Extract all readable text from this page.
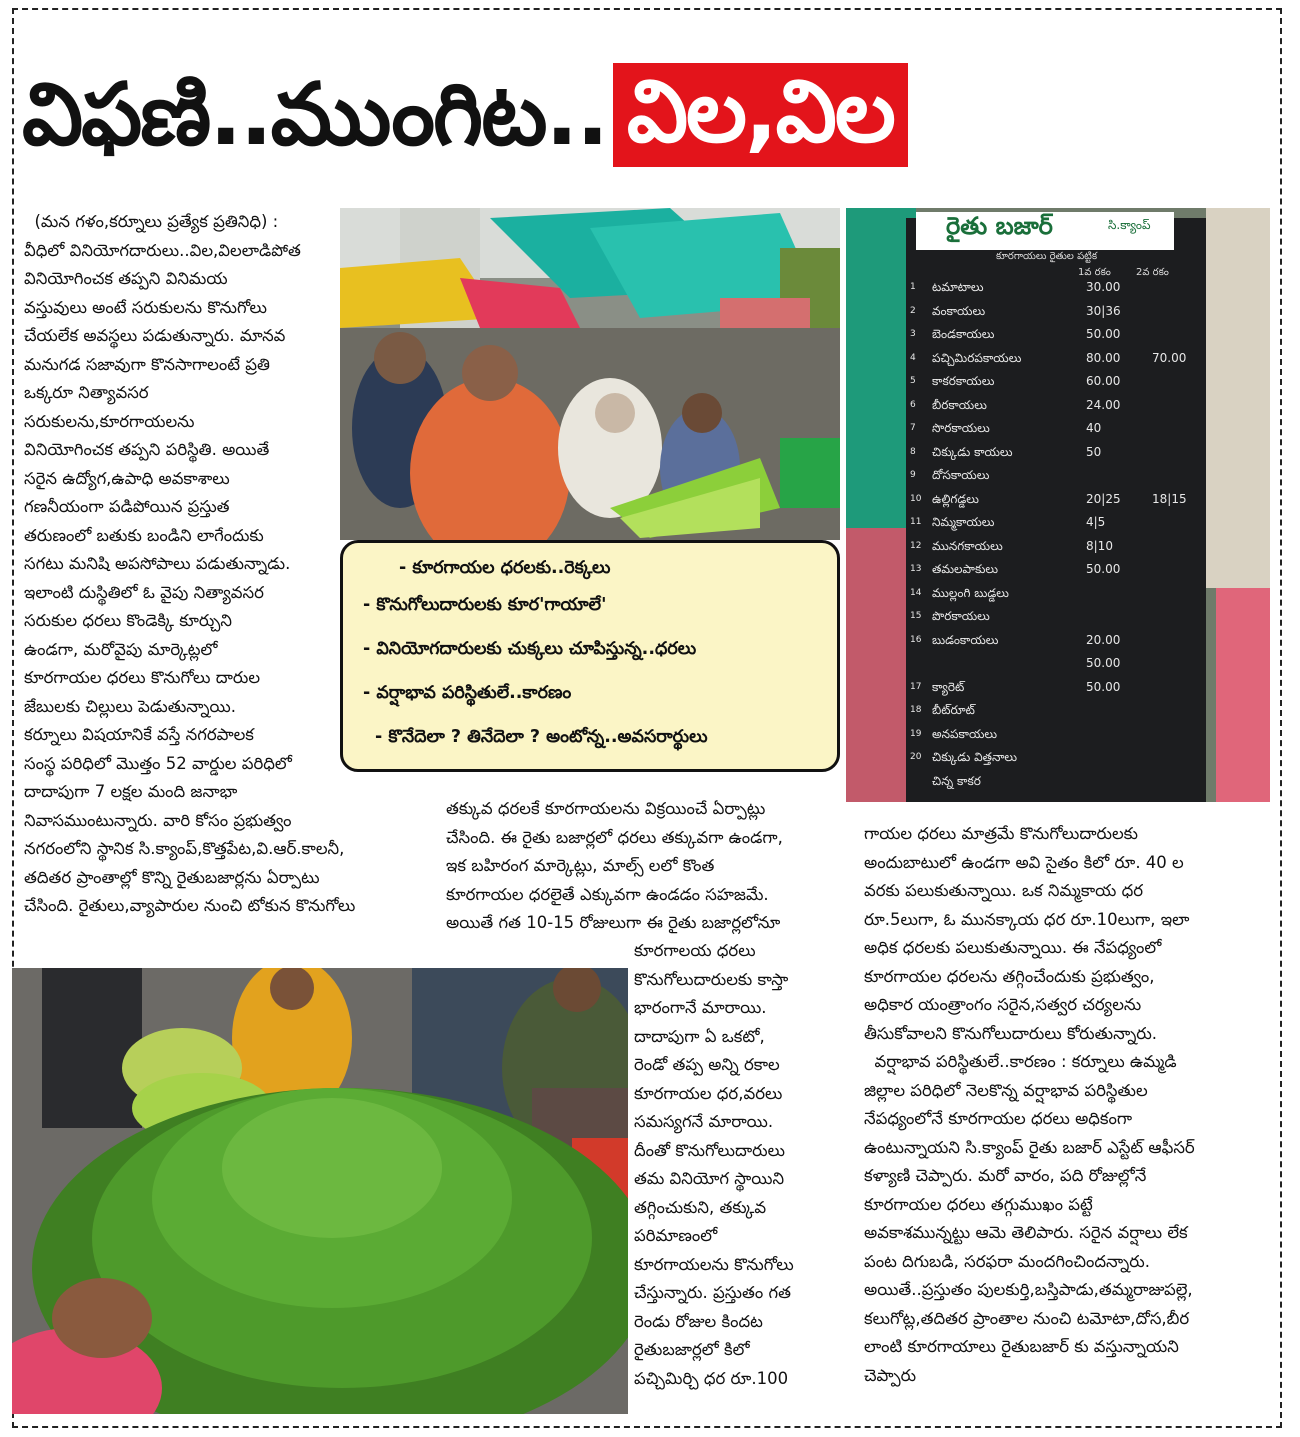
విఫణి..ముంగిట.. విల,విల
(మన గళం,కర్నూలు ప్రత్యేక ప్రతినిధి) :
వీధిలో వినియోగదారులు..విల,విలలాడిపోత
వినియోగించక తప్పని వినిమయ
వస్తువులు అంటే సరుకులను కొనుగోలు
చేయలేక అవస్థలు పడుతున్నారు. మానవ
మనుగడ సజావుగా కొనసాగాలంటే ప్రతి
ఒక్కరూ నిత్యావసర
సరుకులను,కూరగాయలను
వినియోగించక తప్పని పరిస్థితి. అయితే
సరైన ఉద్యోగ,ఉపాధి అవకాశాలు
గణనీయంగా పడిపోయిన ప్రస్తుత
తరుణంలో బతుకు బండిని లాగేందుకు
సగటు మనిషి అపసోపాలు పడుతున్నాడు.
ఇలాంటి దుస్థితిలో ఓ వైపు నిత్యావసర
సరుకుల ధరలు కొండెక్కి కూర్చుని
ఉండగా, మరోవైపు మార్కెట్లలో
కూరగాయల ధరలు కొనుగోలు దారుల
జేబులకు చిల్లులు పెడుతున్నాయి.
కర్నూలు విషయానికే వస్తే నగరపాలక
సంస్థ పరిధిలో మొత్తం 52 వార్డుల పరిధిలో
దాదాపుగా 7 లక్షల మంది జనాభా
నివాసముంటున్నారు. వారి కోసం ప్రభుత్వం
నగరంలోని స్థానిక సి.క్యాంప్,కొత్తపేట,వి.ఆర్.కాలనీ,
తదితర ప్రాంతాల్లో కొన్ని రైతుబజార్లను ఏర్పాటు
చేసింది. రైతులు,వ్యాపారుల నుంచి టోకున కొనుగోలు
రైతు బజార్	సి.క్యాంప్
కూరగాయలు రైతుల పట్టిక
1వ రకం	2వ రకం
1 టమాటాలు	30.00
2 వంకాయలు	30|36
3 బెండకాయలు	50.00
4 పచ్చిమిరపకాయలు	80.00	70.00
5 కాకరకాయలు	60.00
6 బీరకాయలు	24.00
7 సొరకాయలు	40
8 చిక్కుడు కాయలు	50
9 దోసకాయలు
10 ఉల్లిగడ్డలు	20|25	18|15
11 నిమ్మకాయలు	4|5
12 మునగకాయలు	8|10
13 తమలపాకులు	50.00
14 ముల్లంగి బుడ్డలు
15 పొరకాయలు
16 బుడంకాయలు	20.00
50.00
17 క్యారెట్	50.00
18 బీట్‌రూట్
19 అనపకాయలు
20 చిక్కుడు విత్తనాలు
చిన్న కాకర
- కూరగాయల ధరలకు..రెక్కలు
- కొనుగోలుదారులకు కూర'గాయాలే'
- వినియోగదారులకు చుక్కలు చూపిస్తున్న..ధరలు
- వర్షాభావ పరిస్థితులే..కారణం
- కొనేదెలా ? తినేదెలా ? అంటోన్న..అవసరార్థులు
తక్కువ ధరలకే కూరగాయలను విక్రయించే ఏర్పాట్లు
చేసింది. ఈ రైతు బజార్లలో ధరలు తక్కువగా ఉండగా,
ఇక బహిరంగ మార్కెట్లు, మాల్స్ లలో కొంత
కూరగాయల ధరలైతే ఎక్కువగా ఉండడం సహజమే.
అయితే గత 10-15 రోజులుగా ఈ రైతు బజార్లలోనూ
కూరగాలయ ధరలు
కొనుగోలుదారులకు కాస్తా
భారంగానే మారాయి.
దాదాపుగా ఏ ఒకటో,
రెండో తప్ప అన్ని రకాల
కూరగాయల ధర,వరలు
సమస్యగనే మారాయి.
దీంతో కొనుగోలుదారులు
తమ వినియోగ స్థాయిని
తగ్గించుకుని, తక్కువ
పరిమాణంలో
కూరగాయలను కొనుగోలు
చేస్తున్నారు. ప్రస్తుతం గత
రెండు రోజుల కిందట
రైతుబజార్లలో కిలో
పచ్చిమిర్చి ధర రూ.100
గాయల ధరలు మాత్రమే కొనుగోలుదారులకు
అందుబాటులో ఉండగా అవి సైతం కిలో రూ. 40 ల
వరకు పలుకుతున్నాయి. ఒక నిమ్మకాయ ధర
రూ.5లుగా, ఓ మునక్కాయ ధర రూ.10లుగా, ఇలా
అధిక ధరలకు పలుకుతున్నాయి. ఈ నేపధ్యంలో
కూరగాయల ధరలను తగ్గించేందుకు ప్రభుత్వం,
అధికార యంత్రాంగం సరైన,సత్వర చర్యలను
తీసుకోవాలని కొనుగోలుదారులు కోరుతున్నారు.
వర్షాభావ పరిస్థితులే..కారణం : కర్నూలు ఉమ్మడి
జిల్లాల పరిధిలో నెలకొన్న వర్షాభావ పరిస్థితుల
నేపధ్యంలోనే కూరగాయల ధరలు అధికంగా
ఉంటున్నాయని సి.క్యాంప్ రైతు బజార్ ఎస్టేట్ ఆఫీసర్
కళ్యాణి చెప్పారు. మరో వారం, పది రోజుల్లోనే
కూరగాయల ధరలు తగ్గుముఖం పట్టే
అవకాశమున్నట్టు ఆమె తెలిపారు. సరైన వర్షాలు లేక
పంట దిగుబడి, సరఫరా మందగించిందన్నారు.
అయితే..ప్రస్తుతం పులకుర్తి,బస్తిపాడు,తమ్మరాజుపల్లె,
కలుగోట్ల,తదితర ప్రాంతాల నుంచి టమోటా,దోస,బీర
లాంటి కూరగాయాలు రైతుబజార్ కు వస్తున్నాయని
చెప్పారు
